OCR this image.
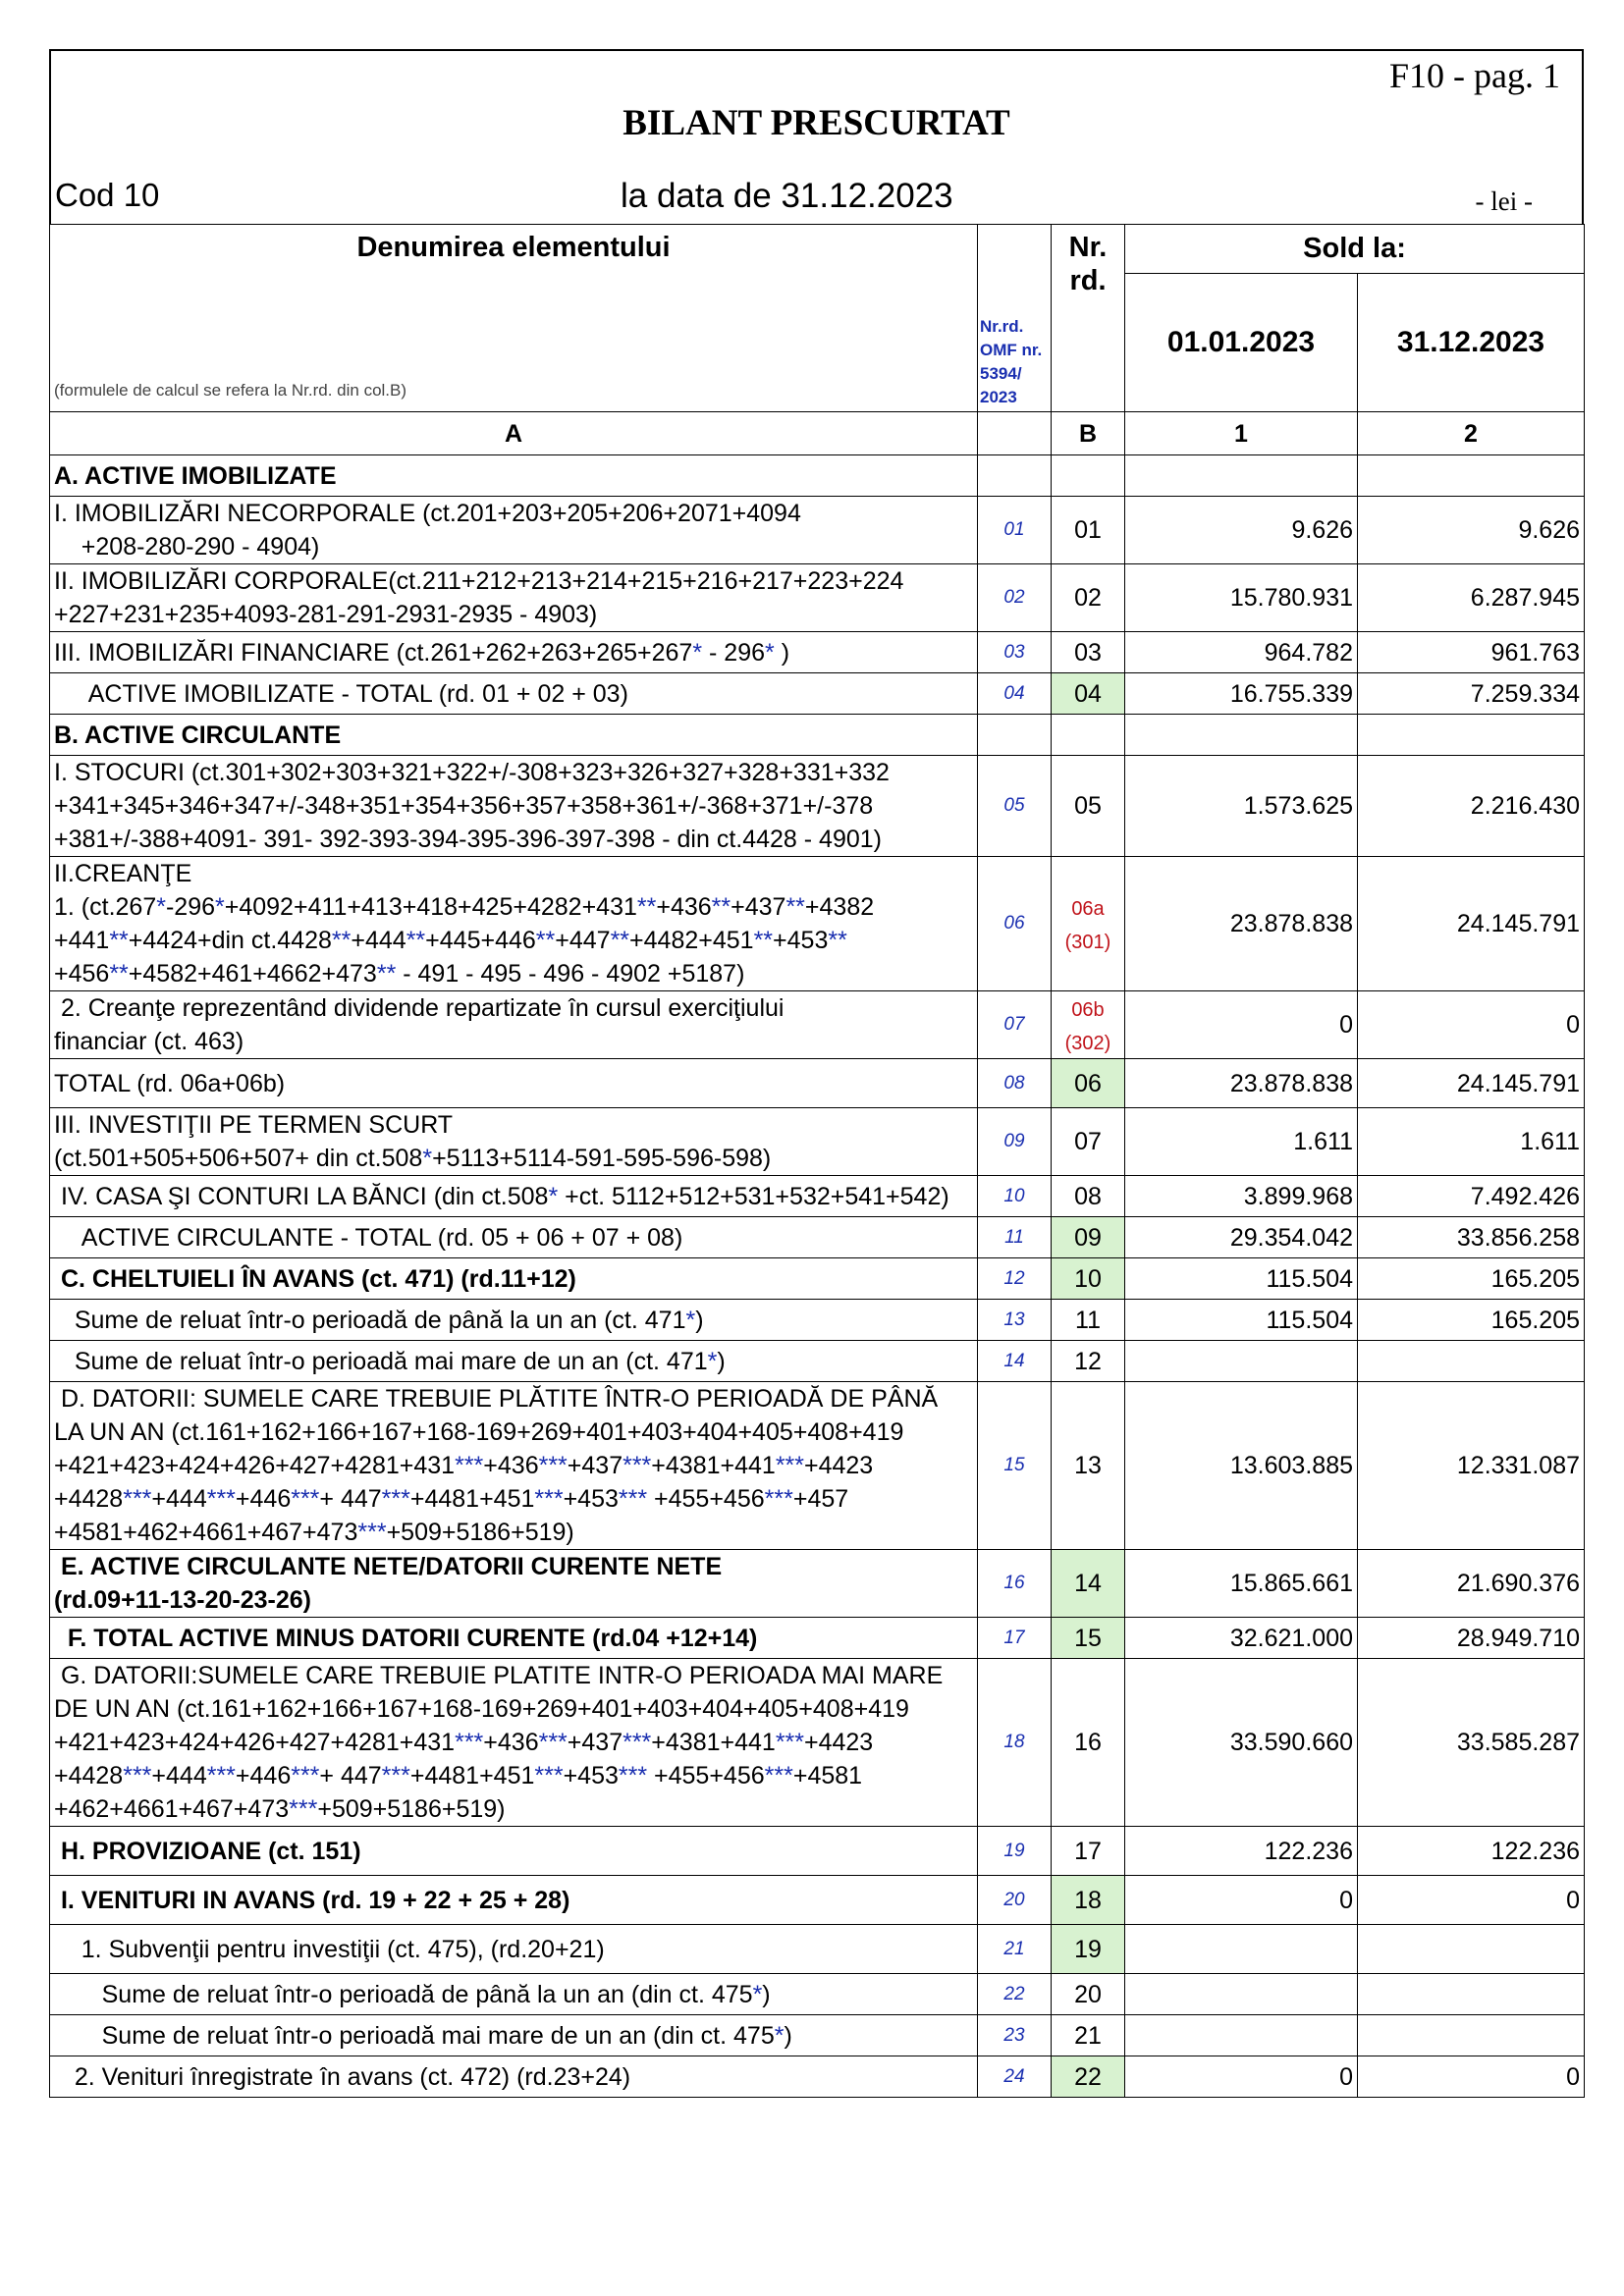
F10 - pag. 1
BILANT PRESCURTAT
Cod 10	la data de 31.12.2023	- lei -
Denumirea elementului
(formulele de calcul se refera la Nr.rd. din col.B)	Nr.rd. OMF nr. 5394/ 2023	Nr. rd.	Sold la:	
			01.01.2023	31.12.2023
A		B	1	2
A. ACTIVE IMOBILIZATE				
I. IMOBILIZĂRI NECORPORALE (ct.201+203+205+206+2071+4094
+208-280-290 - 4904)	01	01	9.626	9.626
II. IMOBILIZĂRI CORPORALE(ct.211+212+213+214+215+216+217+223+224
+227+231+235+4093-281-291-2931-2935 - 4903)	02	02	15.780.931	6.287.945
III. IMOBILIZĂRI FINANCIARE (ct.261+262+263+265+267* - 296* )	03	03	964.782	961.763
ACTIVE IMOBILIZATE - TOTAL (rd. 01 + 02 + 03)	04	04	16.755.339	7.259.334
B. ACTIVE CIRCULANTE				
I. STOCURI (ct.301+302+303+321+322+/-308+323+326+327+328+331+332
+341+345+346+347+/-348+351+354+356+357+358+361+/-368+371+/-378
+381+/-388+4091- 391- 392-393-394-395-396-397-398 - din ct.4428 - 4901)	05	05	1.573.625	2.216.430
II.CREANŢE
1. (ct.267*-296*+4092+411+413+418+425+4282+431**+436**+437**+4382
+441**+4424+din ct.4428**+444**+445+446**+447**+4482+451**+453**
+456**+4582+461+4662+473** - 491 - 495 - 496 - 4902 +5187)	06	06a
(301)	23.878.838	24.145.791
2. Creanţe reprezentând dividende repartizate în cursul exerciţiului
financiar (ct. 463)	07	06b
(302)	0	0
TOTAL (rd. 06a+06b)	08	06	23.878.838	24.145.791
III. INVESTIŢII PE TERMEN SCURT
(ct.501+505+506+507+ din ct.508*+5113+5114-591-595-596-598)	09	07	1.611	1.611
IV. CASA ŞI CONTURI LA BĂNCI (din ct.508* +ct. 5112+512+531+532+541+542)	10	08	3.899.968	7.492.426
ACTIVE CIRCULANTE - TOTAL (rd. 05 + 06 + 07 + 08)	11	09	29.354.042	33.856.258
C. CHELTUIELI ÎN AVANS (ct. 471) (rd.11+12)	12	10	115.504	165.205
Sume de reluat într-o perioadă de până la un an (ct. 471*)	13	11	115.504	165.205
Sume de reluat într-o perioadă mai mare de un an (ct. 471*)	14	12		
D. DATORII: SUMELE CARE TREBUIE PLĂTITE ÎNTR-O PERIOADĂ DE PÂNĂ
LA UN AN (ct.161+162+166+167+168-169+269+401+403+404+405+408+419
+421+423+424+426+427+4281+431***+436***+437***+4381+441***+4423
+4428***+444***+446***+ 447***+4481+451***+453*** +455+456***+457
+4581+462+4661+467+473***+509+5186+519)	15	13	13.603.885	12.331.087
E. ACTIVE CIRCULANTE NETE/DATORII CURENTE NETE
(rd.09+11-13-20-23-26)	16	14	15.865.661	21.690.376
F. TOTAL ACTIVE MINUS DATORII CURENTE (rd.04 +12+14)	17	15	32.621.000	28.949.710
G. DATORII:SUMELE CARE TREBUIE PLATITE INTR-O PERIOADA MAI MARE
DE UN AN (ct.161+162+166+167+168-169+269+401+403+404+405+408+419
+421+423+424+426+427+4281+431***+436***+437***+4381+441***+4423
+4428***+444***+446***+ 447***+4481+451***+453*** +455+456***+4581
+462+4661+467+473***+509+5186+519)	18	16	33.590.660	33.585.287
H. PROVIZIOANE (ct. 151)	19	17	122.236	122.236
I. VENITURI IN AVANS (rd. 19 + 22 + 25 + 28)	20	18	0	0
1. Subvenţii pentru investiţii (ct. 475), (rd.20+21)	21	19		
Sume de reluat într-o perioadă de până la un an (din ct. 475*)	22	20		
Sume de reluat într-o perioadă mai mare de un an (din ct. 475*)	23	21		
2. Venituri înregistrate în avans (ct. 472) (rd.23+24)	24	22	0	0
